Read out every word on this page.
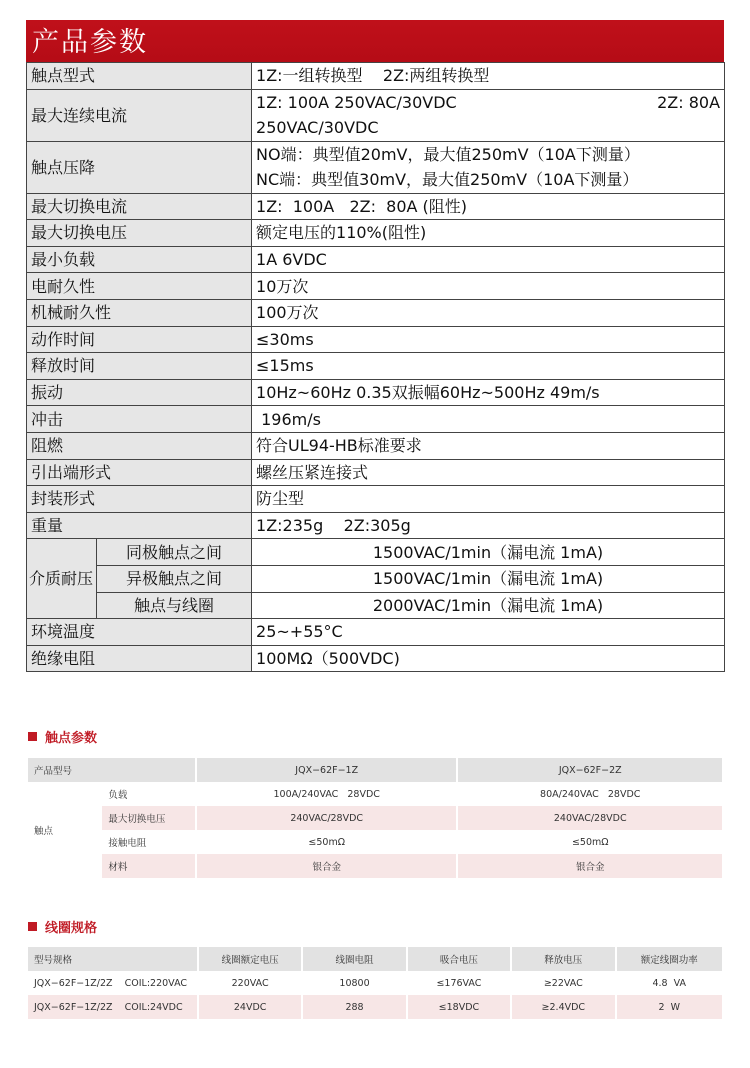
产品参数
触点型式		1Z:一组转换型    2Z:两组转换型
最大连续电流		1Z: 100A 250VAC/30VDC 2Z: 80A
250VAC/30VDC

触点压降		NO端：典型值20mV，最大值250mV（10A下测量）
NC端：典型值30mV，最大值250mV（10A下测量）

最大切换电流		1Z:  100A   2Z:  80A (阻性)
最大切换电压		额定电压的110%(阻性)
最小负载		1A 6VDC
电耐久性		10万次
机械耐久性		100万次
动作时间		≤30ms
释放时间		≤15ms
振动		10Hz~60Hz 0.35双振幅60Hz~500Hz 49m/s
冲击		196m/s
阻燃		符合UL94-HB标准要求
引出端形式		螺丝压紧连接式
封装形式		防尘型
重量		1Z:235g    2Z:305g
介质耐压	同极触点之间	1500VAC/1min（漏电流 1mA)
	异极触点之间	1500VAC/1min（漏电流 1mA)
	触点与线圈	2000VAC/1min（漏电流 1mA)
环境温度		25~+55°C
绝缘电阻		100MΩ（500VDC)
触点参数
产品型号		JQX−62F−1Z	JQX−62F−2Z
触点	负载	100A/240VAC   28VDC	80A/240VAC   28VDC
	最大切换电压	240VAC/28VDC	240VAC/28VDC
	接触电阻	≤50mΩ	≤50mΩ
	材料	银合金	银合金
线圈规格
型号规格	线圈额定电压	线圈电阻	吸合电压	释放电压	额定线圈功率
JQX−62F−1Z/2Z    COIL:220VAC	220VAC	10800	≤176VAC	≥22VAC	4.8  VA
JQX−62F−1Z/2Z    COIL:24VDC	24VDC	288	≤18VDC	≥2.4VDC	2  W
